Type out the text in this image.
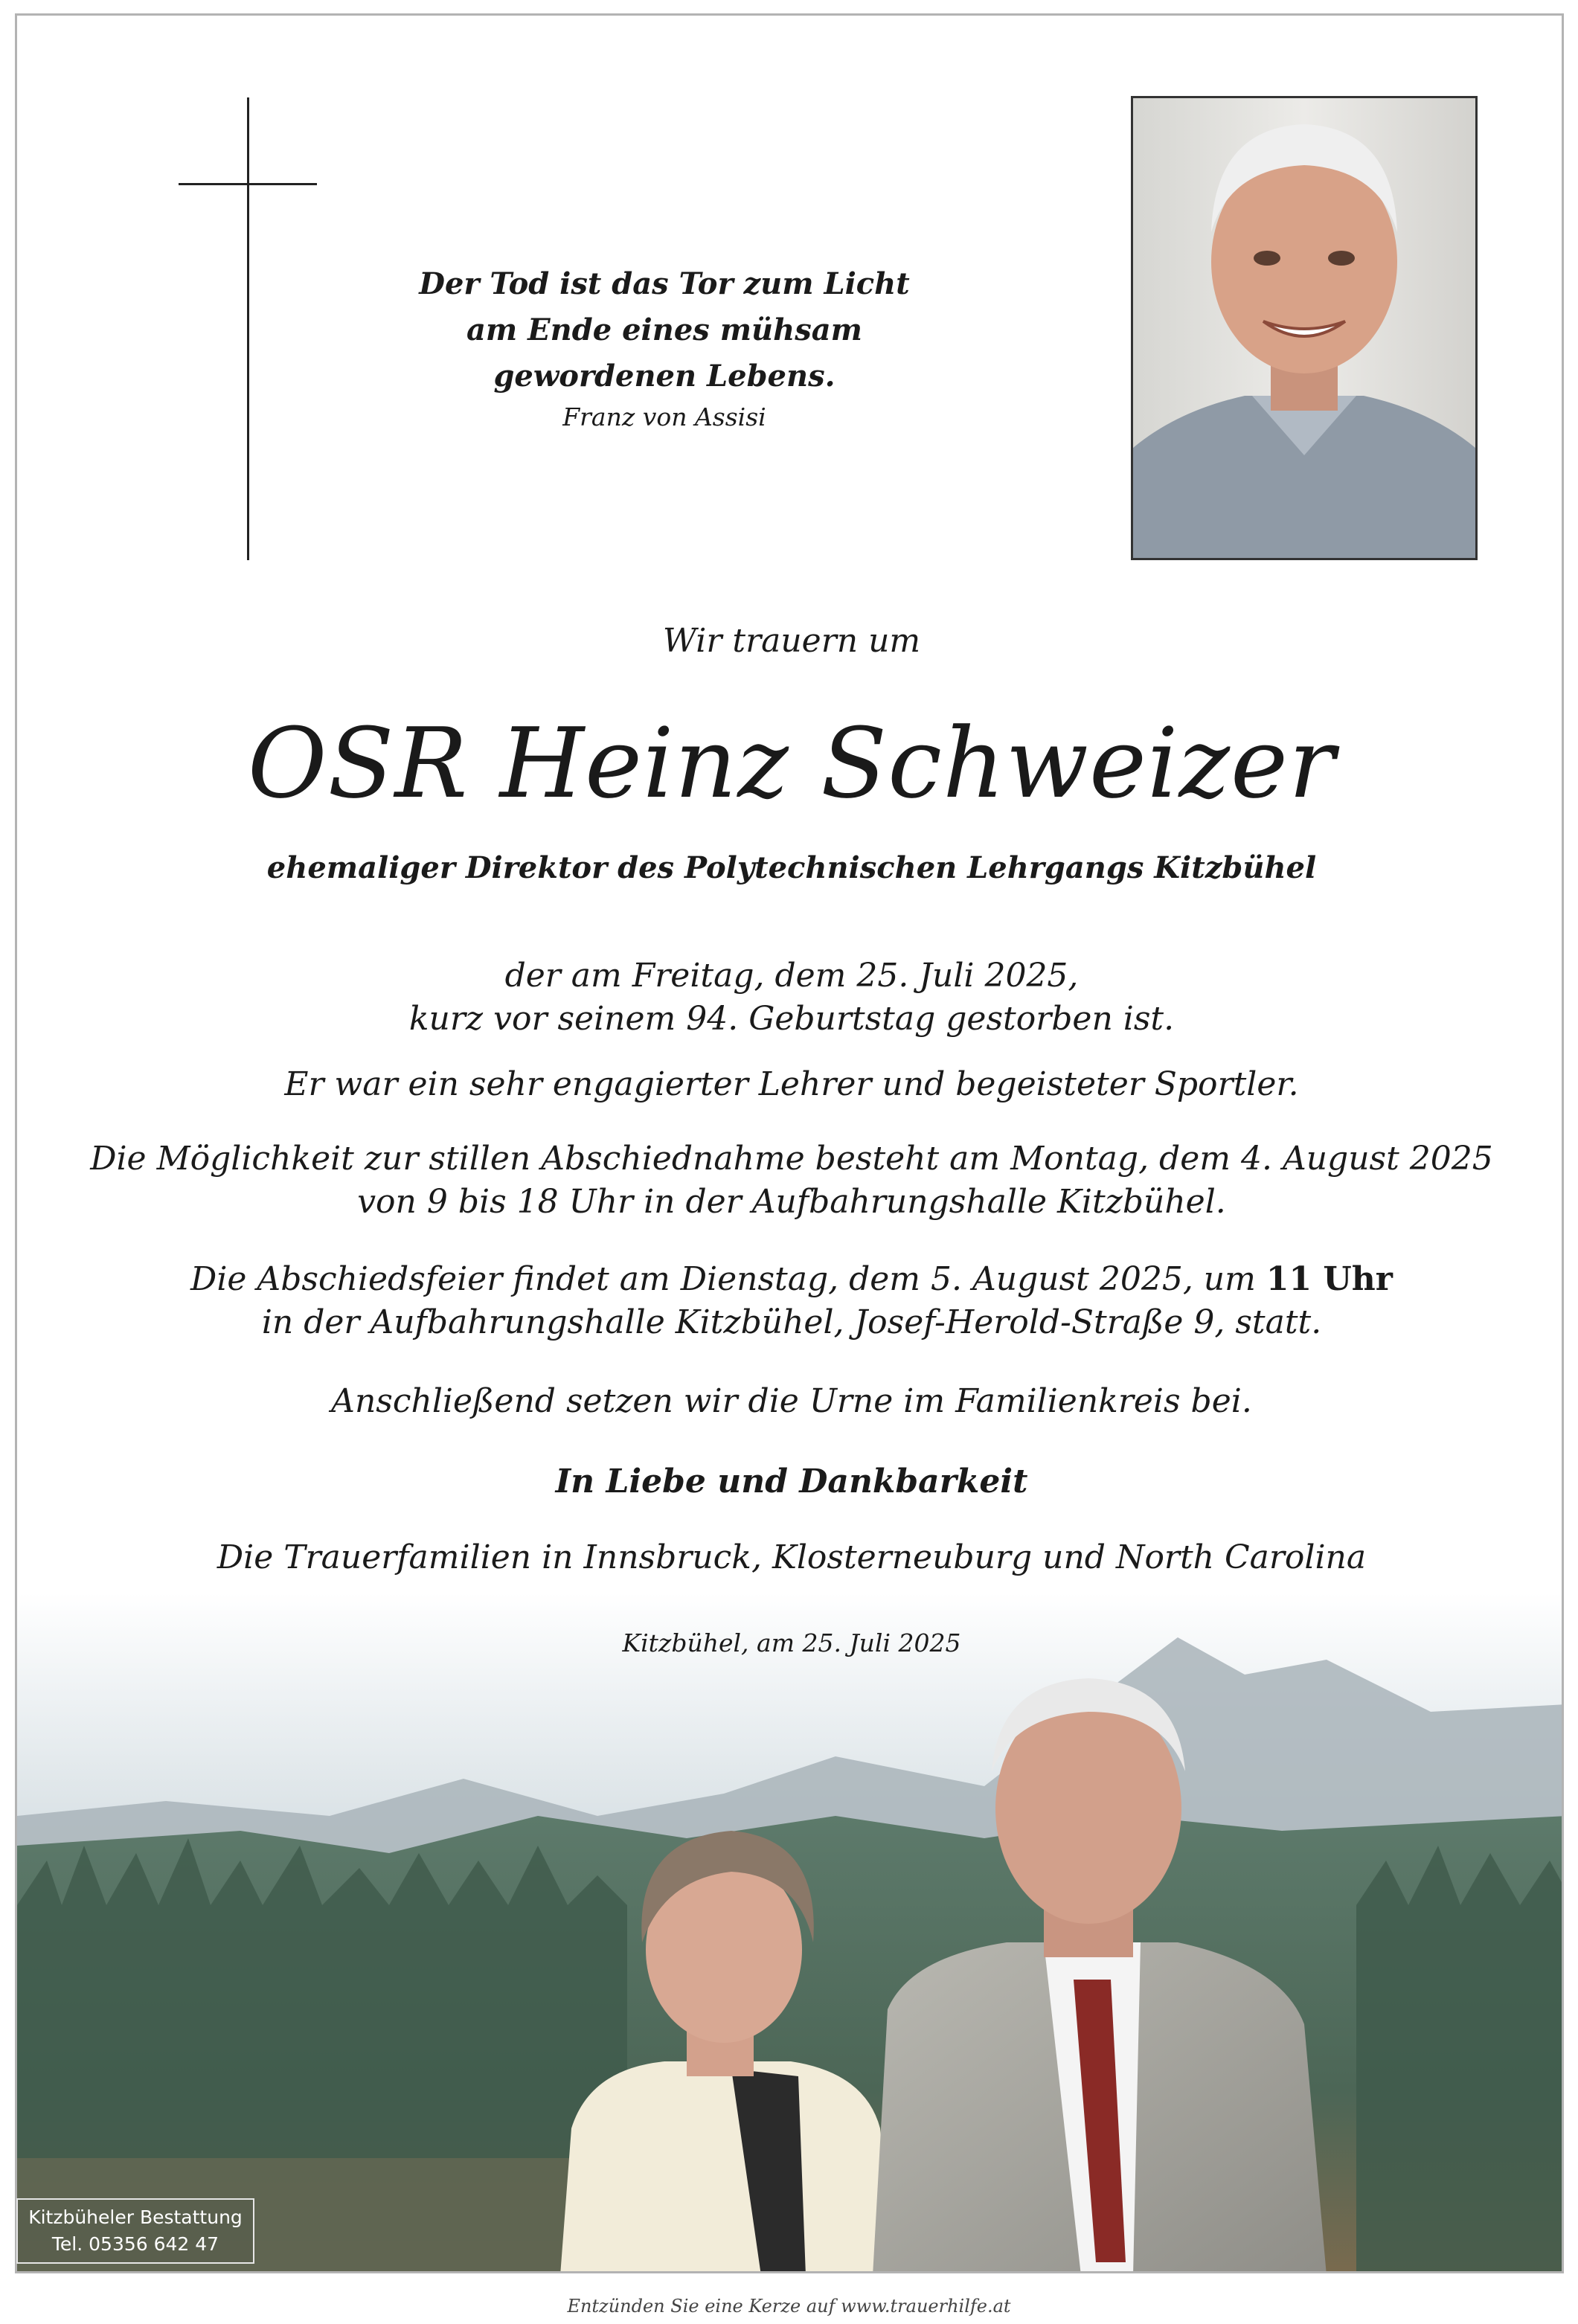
Der Tod ist das Tor zum Licht
am Ende eines mühsam
gewordenen Lebens.
Franz von Assisi
Wir trauern um
OSR Heinz Schweizer
ehemaliger Direktor des Polytechnischen Lehrgangs Kitzbühel
der am Freitag, dem 25. Juli 2025,
kurz vor seinem 94. Geburtstag gestorben ist.
Er war ein sehr engagierter Lehrer und begeisteter Sportler.
Die Möglichkeit zur stillen Abschiednahme besteht am Montag, dem 4. August 2025
von 9 bis 18 Uhr in der Aufbahrungshalle Kitzbühel.
Die Abschiedsfeier findet am Dienstag, dem 5. August 2025, um 11 Uhr
in der Aufbahrungshalle Kitzbühel, Josef-Herold-Straße 9, statt.
Anschließend setzen wir die Urne im Familienkreis bei.
In Liebe und Dankbarkeit
Die Trauerfamilien in Innsbruck, Klosterneuburg und North Carolina
Kitzbühel, am 25. Juli 2025
Kitzbüheler Bestattung
Tel. 05356 642 47
Entzünden Sie eine Kerze auf www.trauerhilfe.at
